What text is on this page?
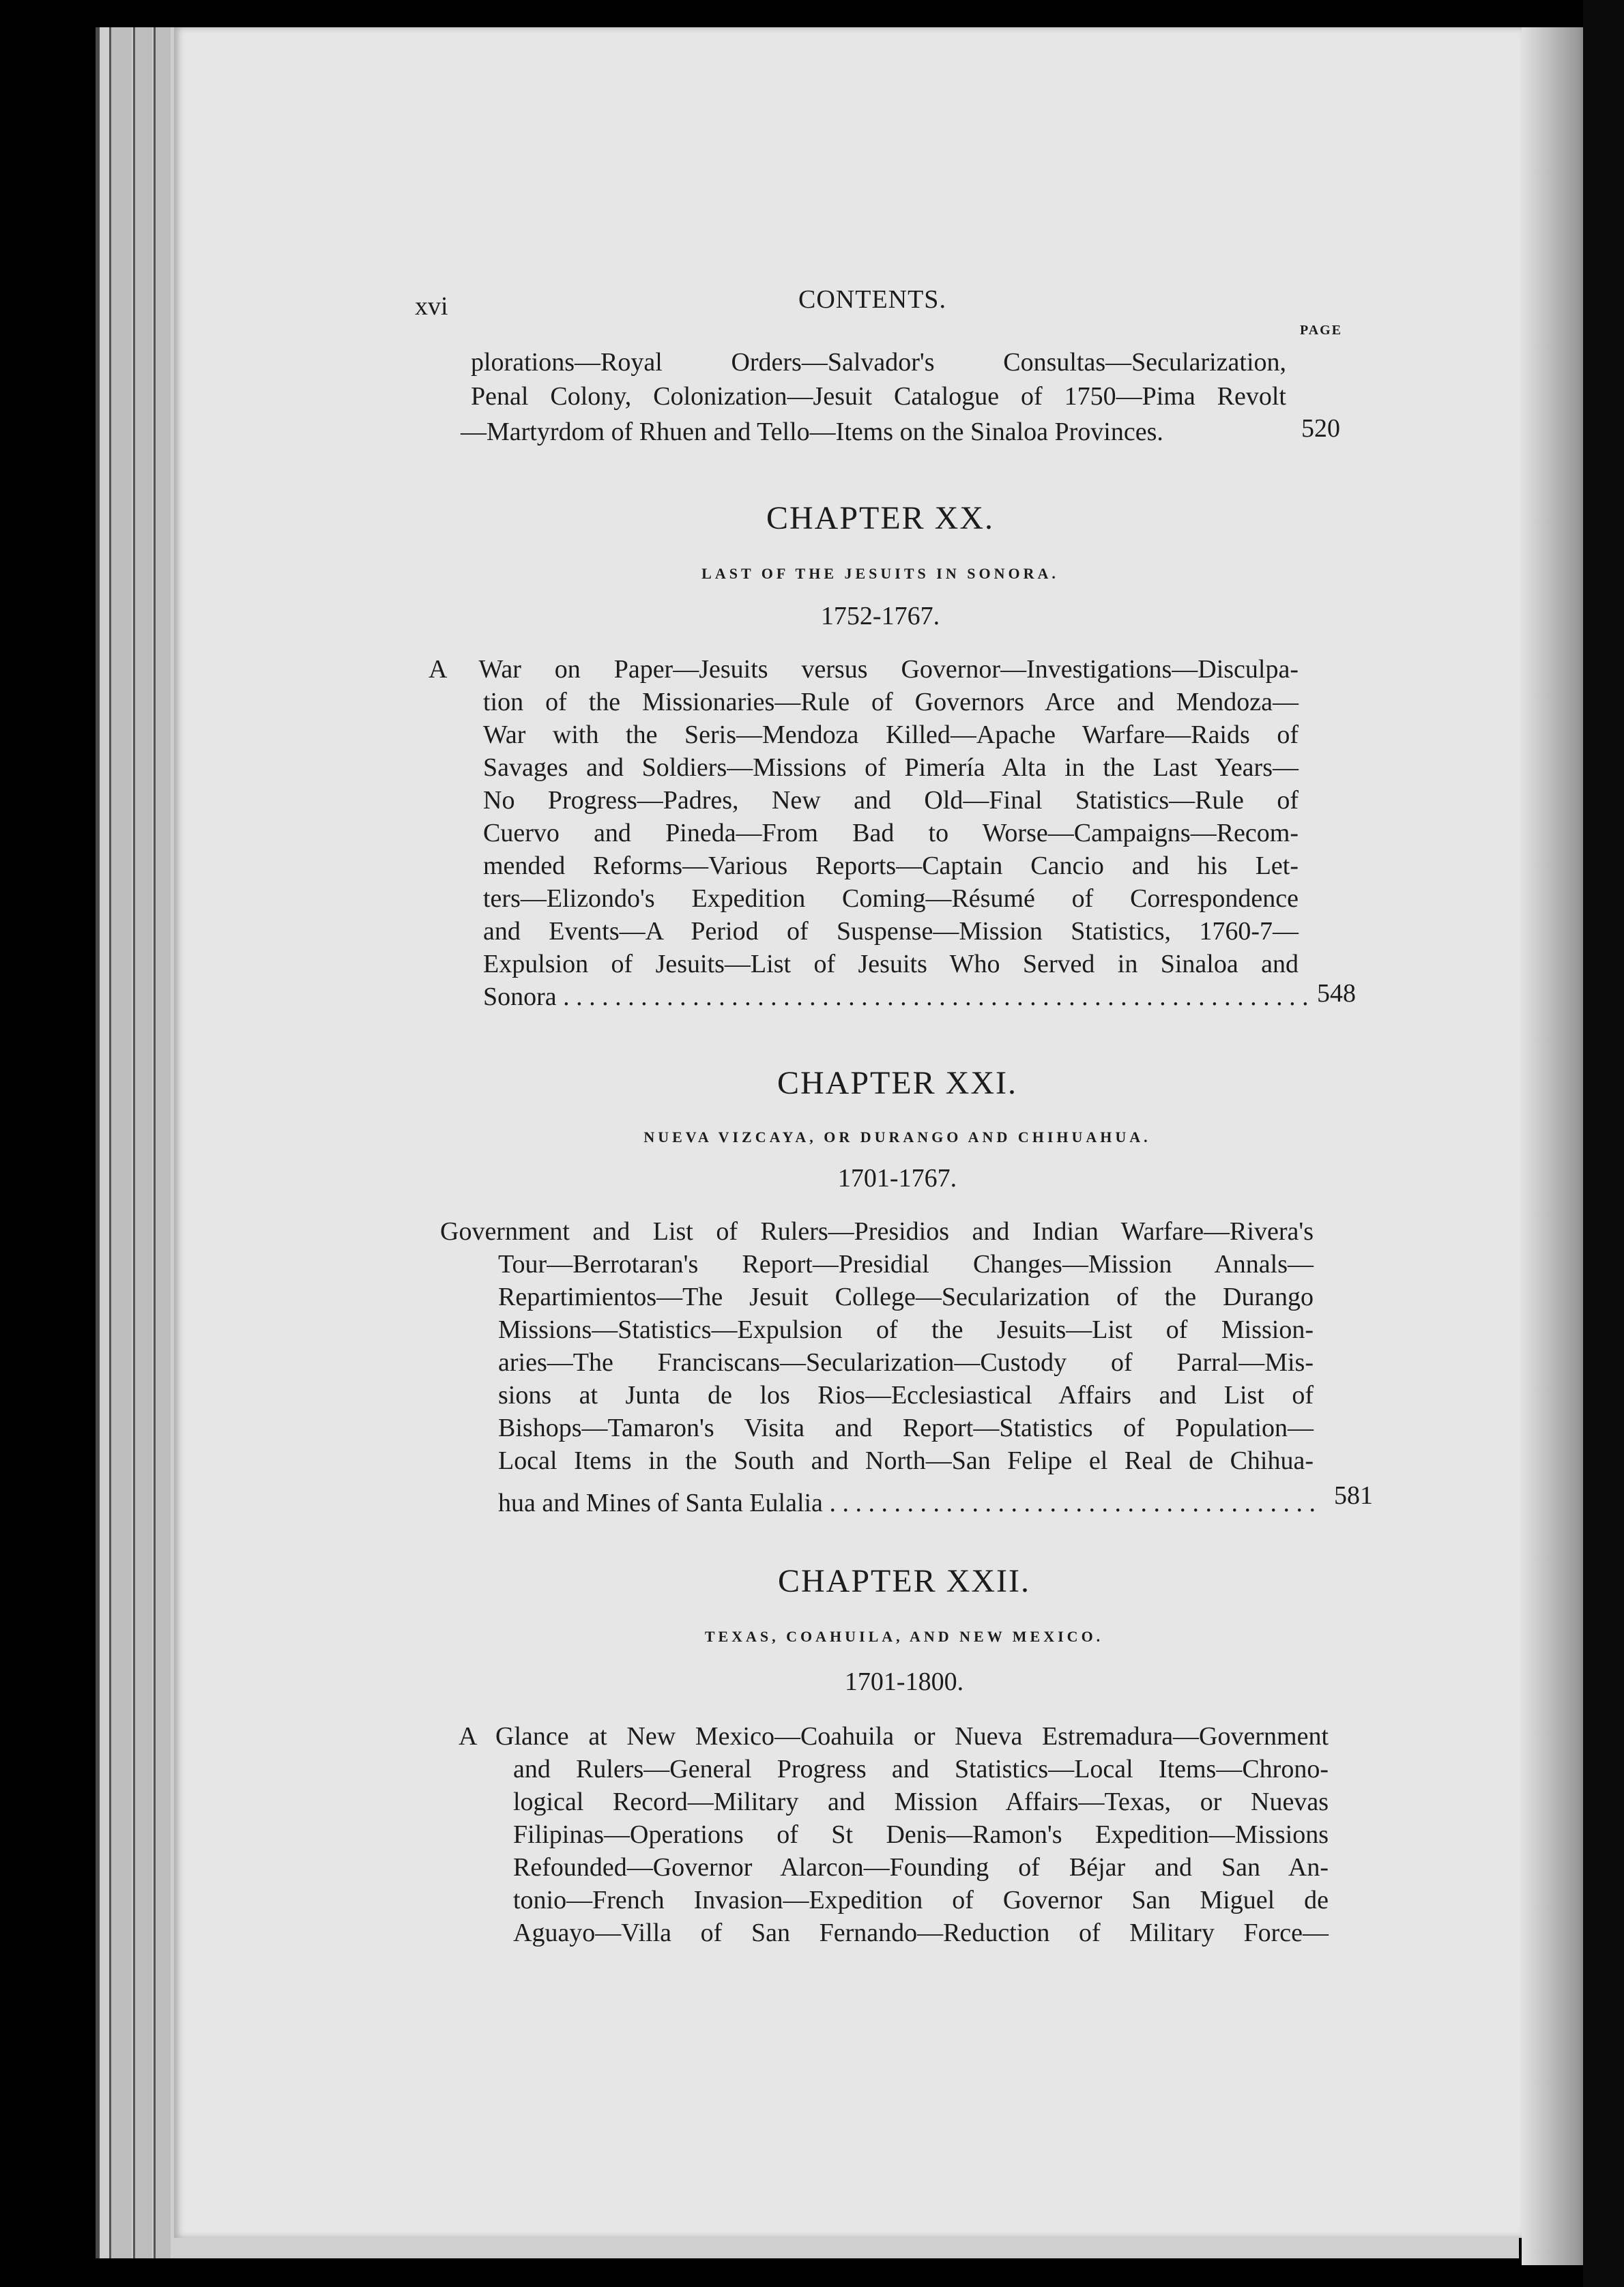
xvi	CONTENTS.
PAGE
plorations—Royal Orders—Salvador's Consultas—Secularization,
Penal Colony, Colonization—Jesuit Catalogue of 1750—Pima Revolt
—Martyrdom of Rhuen and Tello—Items on the Sinaloa Provinces.	520
CHAPTER XX.
LAST OF THE JESUITS IN SONORA.
1752-1767.
A War on Paper—Jesuits versus Governor—Investigations—Disculpa-
tion of the Missionaries—Rule of Governors Arce and Mendoza—
War with the Seris—Mendoza Killed—Apache Warfare—Raids of
Savages and Soldiers—Missions of Pimería Alta in the Last Years—
No Progress—Padres, New and Old—Final Statistics—Rule of
Cuervo and Pineda—From Bad to Worse—Campaigns—Recom-
mended Reforms—Various Reports—Captain Cancio and his Let-
ters—Elizondo's Expedition Coming—Résumé of Correspondence
and Events—A Period of Suspense—Mission Statistics, 1760-7—
Expulsion of Jesuits—List of Jesuits Who Served in Sinaloa and
Sonora . . .	548
CHAPTER XXI.
NUEVA VIZCAYA, OR DURANGO AND CHIHUAHUA.
1701-1767.
Government and List of Rulers—Presidios and Indian Warfare—Rivera's
Tour—Berrotaran's Report—Presidial Changes—Mission Annals—
Repartimientos—The Jesuit College—Secularization of the Durango
Missions—Statistics—Expulsion of the Jesuits—List of Mission-
aries—The Franciscans—Secularization—Custody of Parral—Mis-
sions at Junta de los Rios—Ecclesiastical Affairs and List of
Bishops—Tamaron's Visita and Report—Statistics of Population—
Local Items in the South and North—San Felipe el Real de Chihua-
hua and Mines of Santa Eulalia . . .	581
CHAPTER XXII.
TEXAS, COAHUILA, AND NEW MEXICO.
1701-1800.
A Glance at New Mexico—Coahuila or Nueva Estremadura—Government
and Rulers—General Progress and Statistics—Local Items—Chrono-
logical Record—Military and Mission Affairs—Texas, or Nuevas
Filipinas—Operations of St Denis—Ramon's Expedition—Missions
Refounded—Governor Alarcon—Founding of Béjar and San An-
tonio—French Invasion—Expedition of Governor San Miguel de
Aguayo—Villa of San Fernando—Reduction of Military Force—
